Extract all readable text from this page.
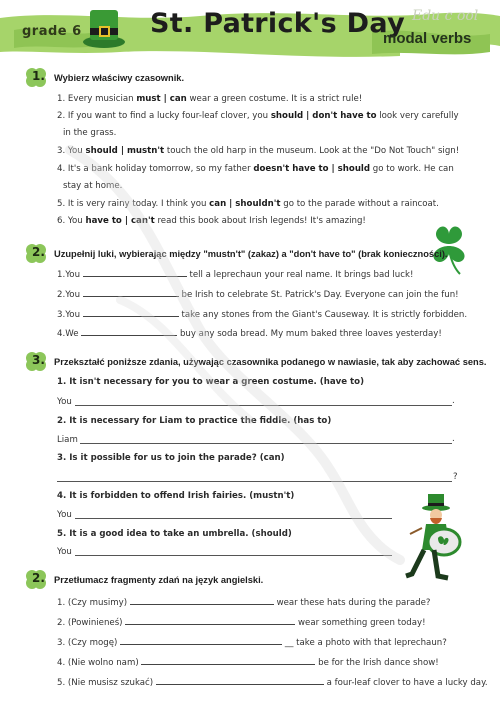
grade 6	St. Patrick's Day Edu c ool
modal verbs
1. Wybierz właściwy czasownik.
1. Every musician must | can wear a green costume. It is a strict rule!
2. If you want to find a lucky four-leaf clover, you should | don't have to look very carefully
in the grass.
3. You should | mustn't touch the old harp in the museum. Look at the "Do Not Touch" sign!
4. It's a bank holiday tomorrow, so my father doesn't have to | should go to work. He can
stay at home.
5. It is very rainy today. I think you can | shouldn't go to the parade without a raincoat.
6. You have to | can't read this book about Irish legends! It's amazing!
2. Uzupełnij luki, wybierając między "mustn't" (zakaz) a "don't have to" (brak konieczności).
1.You	tell a leprechaun your real name. It brings bad luck!
2.You	be Irish to celebrate St. Patrick's Day. Everyone can join the fun!
3.You	take any stones from the Giant's Causeway. It is strictly forbidden.
4.We	buy any soda bread. My mum baked three loaves yesterday!
3. Przekształć poniższe zdania, używając czasownika podanego w nawiasie, tak aby zachować sens.
1. It isn't necessary for you to wear a green costume. (have to)
You	.
2. It is necessary for Liam to practice the fiddle. (has to)
Liam	.
3. Is it possible for us to join the parade? (can)
?
4. It is forbidden to offend Irish fairies. (mustn't)
You
5. It is a good idea to take an umbrella. (should)
You
2. Przetłumacz fragmenty zdań na język angielski.
1. (Czy musimy)	wear these hats during the parade?
2. (Powinieneś)	wear something green today!
3. (Czy mogę)	__ take a photo with that leprechaun?
4. (Nie wolno nam)	be for the Irish dance show!
5. (Nie musisz szukać)	a four-leaf clover to have a lucky day.
